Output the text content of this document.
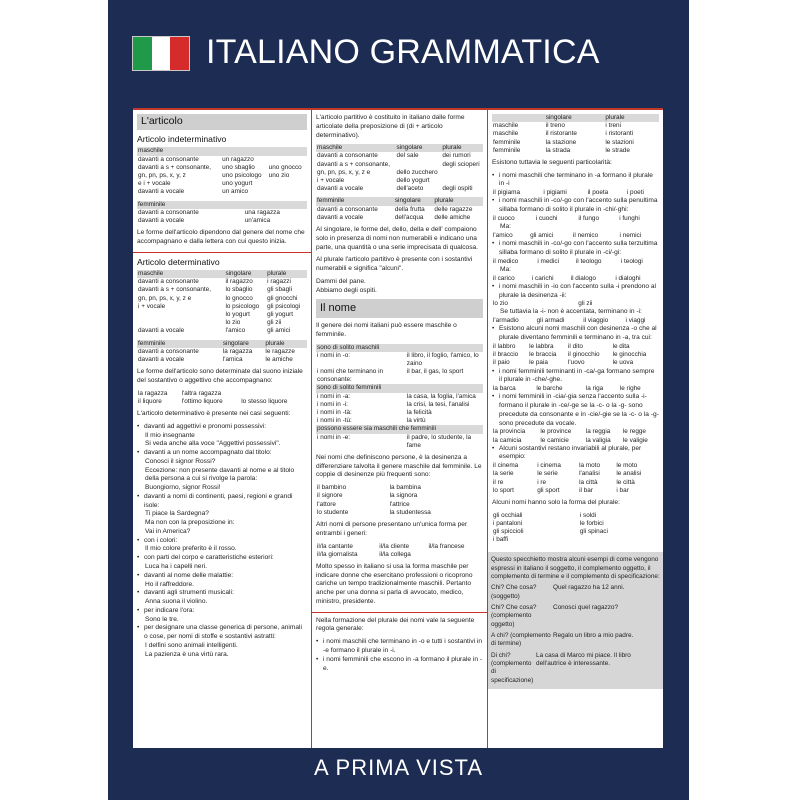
ITALIANO GRAMMATICA
L'articolo
Articolo indeterminativo
maschile		
davanti a consonante	un ragazzo	
davanti a s + consonante,	uno sbaglio	uno gnocco
gn, pn, ps, x, y, z	uno psicologo	uno zio
e i + vocale	uno yogurt	
davanti a vocale	un amico	
femminile	
davanti a consonante	una ragazza
davanti a vocale	un'amica
Le forme dell'articolo dipendono dal genere del nome che accompagnano e dalla lettera con cui questo inizia.
Articolo determinativo
maschile	singolare	plurale
davanti a consonante	il ragazzo	i ragazzi
davanti a s + consonante,	lo sbaglio	gli sbagli
gn, pn, ps, x, y, z e	lo gnocco	gli gnocchi
i + vocale	lo psicologo	gli psicologi
	lo yogurt	gli yogurt
	lo zio	gli zii
davanti a vocale	l'amico	gli amici
femminile	singolare	plurale
davanti a consonante	la ragazza	le ragazze
davanti a vocale	l'amica	le amiche
Le forme dell'articolo sono determinate dal suono iniziale del sostantivo o aggettivo che accompagnano:
la ragazza	l'altra ragazza	
il liquore	l'ottimo liquore	lo stesso liquore
L'articolo determinativo è presente nei casi seguenti:
• davanti ad aggettivi e pronomi possessivi:
Il mio insegnante
Si veda anche alla voce "Aggettivi possessivi".
• davanti a un nome accompagnato dal titolo:
Conosci il signor Rossi?
Eccezione: non presente davanti al nome e al titolo della persona a cui si rivolge la parola:
Buongiorno, signor Rossi!
• davanti a nomi di continenti, paesi, regioni e grandi isole:
Ti piace la Sardegna?
Ma non con la preposizione in:
Vai in America?
• con i colori:
Il mio colore preferito è il rosso.
• con parti del corpo e caratteristiche esteriori:
Luca ha i capelli neri.
• davanti al nome delle malattie:
Ho il raffreddore.
• davanti agli strumenti musicali:
Anna suona il violino.
• per indicare l'ora:
Sono le tre.
• per designare una classe generica di persone, animali o cose, per nomi di stoffe e sostantivi astratti:
I delfini sono animali intelligenti.
La pazienza è una virtù rara.
L'articolo partitivo è costituito in italiano dalle forme articolate della preposizione di (di + articolo determinativo).
maschile	singolare	plurale
davanti a consonante	del sale	dei rumori
davanti a s + consonante,		degli scioperi
gn, pn, ps, x, y, z e	dello zucchero	
i + vocale	dello yogurt	
davanti a vocale	dell'aceto	degli ospiti
femminile	singolare	plurale
davanti a consonante	della frutta	delle ragazze
davanti a vocale	dell'acqua	delle amiche
Al singolare, le forme del, dello, della e dell' compaiono solo in presenza di nomi non numerabili e indicano una parte, una quantità o una serie imprecisata di qualcosa.
Al plurale l'articolo partitivo è presente con i sostantivi numerabili e significa "alcuni".
Dammi del pane.
Abbiamo degli ospiti.
Il nome
Il genere dei nomi italiani può essere maschile o femminile.
sono di solito maschili	
i nomi in -o:	il libro, il foglio, l'amico, lo zaino
i nomi che terminano in consonante:	il bar, il gas, lo sport
sono di solito femminili	
i nomi in -a:	la casa, la foglia, l'amica
i nomi in -i:	la crisi, la tesi, l'analisi
i nomi in -tà:	la felicità
i nomi in -tù:	la virtù
possono essere sia maschili che femminili	
i nomi in -e:	il padre, lo studente, la fame
Nei nomi che definiscono persone, è la desinenza a differenziare talvolta il genere maschile dal femminile. Le coppie di desinenze più frequenti sono:
il bambino	la bambina
il signore	la signora
l'attore	l'attrice
lo studente	la studentessa
Altri nomi di persone presentano un'unica forma per entrambi i generi:
il/la cantante	il/la cliente	il/la francese
il/la giornalista	il/la collega	
Molto spesso in italiano si usa la forma maschile per indicare donne che esercitano professioni o ricoprono cariche un tempo tradizionalmente maschili. Pertanto anche per una donna si parla di avvocato, medico, ministro, presidente.
Nella formazione del plurale dei nomi vale la seguente regola generale:
• i nomi maschili che terminano in -o e tutti i sostantivi in -e formano il plurale in -i.
• i nomi femminili che escono in -a formano il plurale in -e.
	singolare	plurale
maschile	il treno	i treni
maschile	il ristorante	i ristoranti
femminile	la stazione	le stazioni
femminile	la strada	le strade
Esistono tuttavia le seguenti particolarità:
• i nomi maschili che terminano in -a formano il plurale in -i
il pigiama	i pigiami	il poeta	i poeti
• i nomi maschili in -co/-go con l'accento sulla penultima sillaba formano di solito il plurale in -chi/-ghi:
il cuoco	i cuochi	il fungo	i funghi
Ma:
l'amico	gli amici	il nemico	i nemici
• i nomi maschili in -co/-go con l'accento sulla terzultima sillaba formano di solito il plurale in -ci/-gi:
il medico	i medici	il teologo	i teologi
Ma:
il carico	i carichi	il dialogo	i dialoghi
• i nomi maschili in -io con l'accento sulla -i prendono al plurale la desinenza -ii:
lo zio	gli zii
Se tuttavia la -i- non è accentata, terminano in -i:
l'armadio	gli armadi	il viaggio	i viaggi
• Esistono alcuni nomi maschili con desinenza -o che al plurale diventano femminili e terminano in -a, tra cui:
il labbro	le labbra	il dito	le dita
il braccio	le braccia	il ginocchio	le ginocchia
il paio	le paia	l'uovo	le uova
• i nomi femminili terminanti in -ca/-ga formano sempre il plurale in -che/-ghe.
la barca	le barche	la riga	le righe
• i nomi femminili in -cia/-gia senza l'accento sulla -i- formano il plurale in -ce/-ge se la -c- o la -g- sono precedute da consonante e in -cie/-gie se la -c- o la -g- sono precedute da vocale.
la provincia	le province	la reggia	le regge
la camicia	le camicie	la valigia	le valigie
• Alcuni sostantivi restano invariabili al plurale, per esempio:
il cinema	i cinema	la moto	le moto
la serie	le serie	l'analisi	le analisi
il re	i re	la città	le città
lo sport	gli sport	il bar	i bar
Alcuni nomi hanno solo la forma del plurale:
gli occhiali	i soldi
i pantaloni	le forbici
gli spiccioli	gli spinaci
i baffi	
Questo specchietto mostra alcuni esempi di come vengono espressi in italiano il soggetto, il complemento oggetto, il complemento di termine e il complemento di specificazione:
Chi? Che cosa? (soggetto)
Quel ragazzo ha 12 anni.
Chi? Che cosa? (complemento oggetto)
Conosci quel ragazzo?
A chi? (complemento di termine)
Regalo un libro a mio padre.
Di chi? (complemento di specificazione)
La casa di Marco mi piace. Il libro dell'autrice è interessante.
A PRIMA VISTA
